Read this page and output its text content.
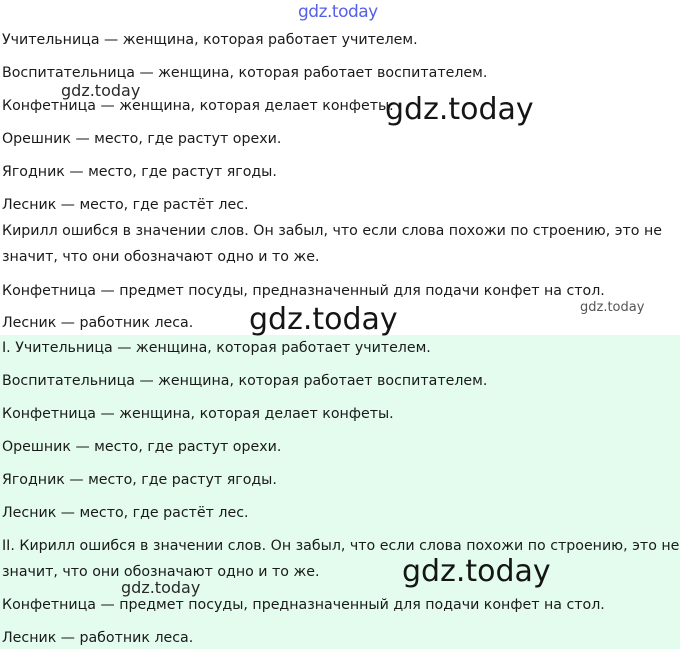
Учительница — женщина, которая работает учителем.
Воспитательница — женщина, которая работает воспитателем.
Конфетница — женщина, которая делает конфеты.
Орешник — место, где растут орехи.
Ягодник — место, где растут ягоды.
Лесник — место, где растёт лес.
Кирилл ошибся в значении слов. Он забыл, что если слова похожи по строению, это не
значит, что они обозначают одно и то же.
Конфетница — предмет посуды, предназначенный для подачи конфет на стол.
Лесник — работник леса.
I. Учительница — женщина, которая работает учителем.
Воспитательница — женщина, которая работает воспитателем.
Конфетница — женщина, которая делает конфеты.
Орешник — место, где растут орехи.
Ягодник — место, где растут ягоды.
Лесник — место, где растёт лес.
II. Кирилл ошибся в значении слов. Он забыл, что если слова похожи по строению, это не
значит, что они обозначают одно и то же.
Конфетница — предмет посуды, предназначенный для подачи конфет на стол.
Лесник — работник леса.
gdz.today
gdz.today
gdz.today
gdz.today	gdz.today
gdz.today
gdz.today
